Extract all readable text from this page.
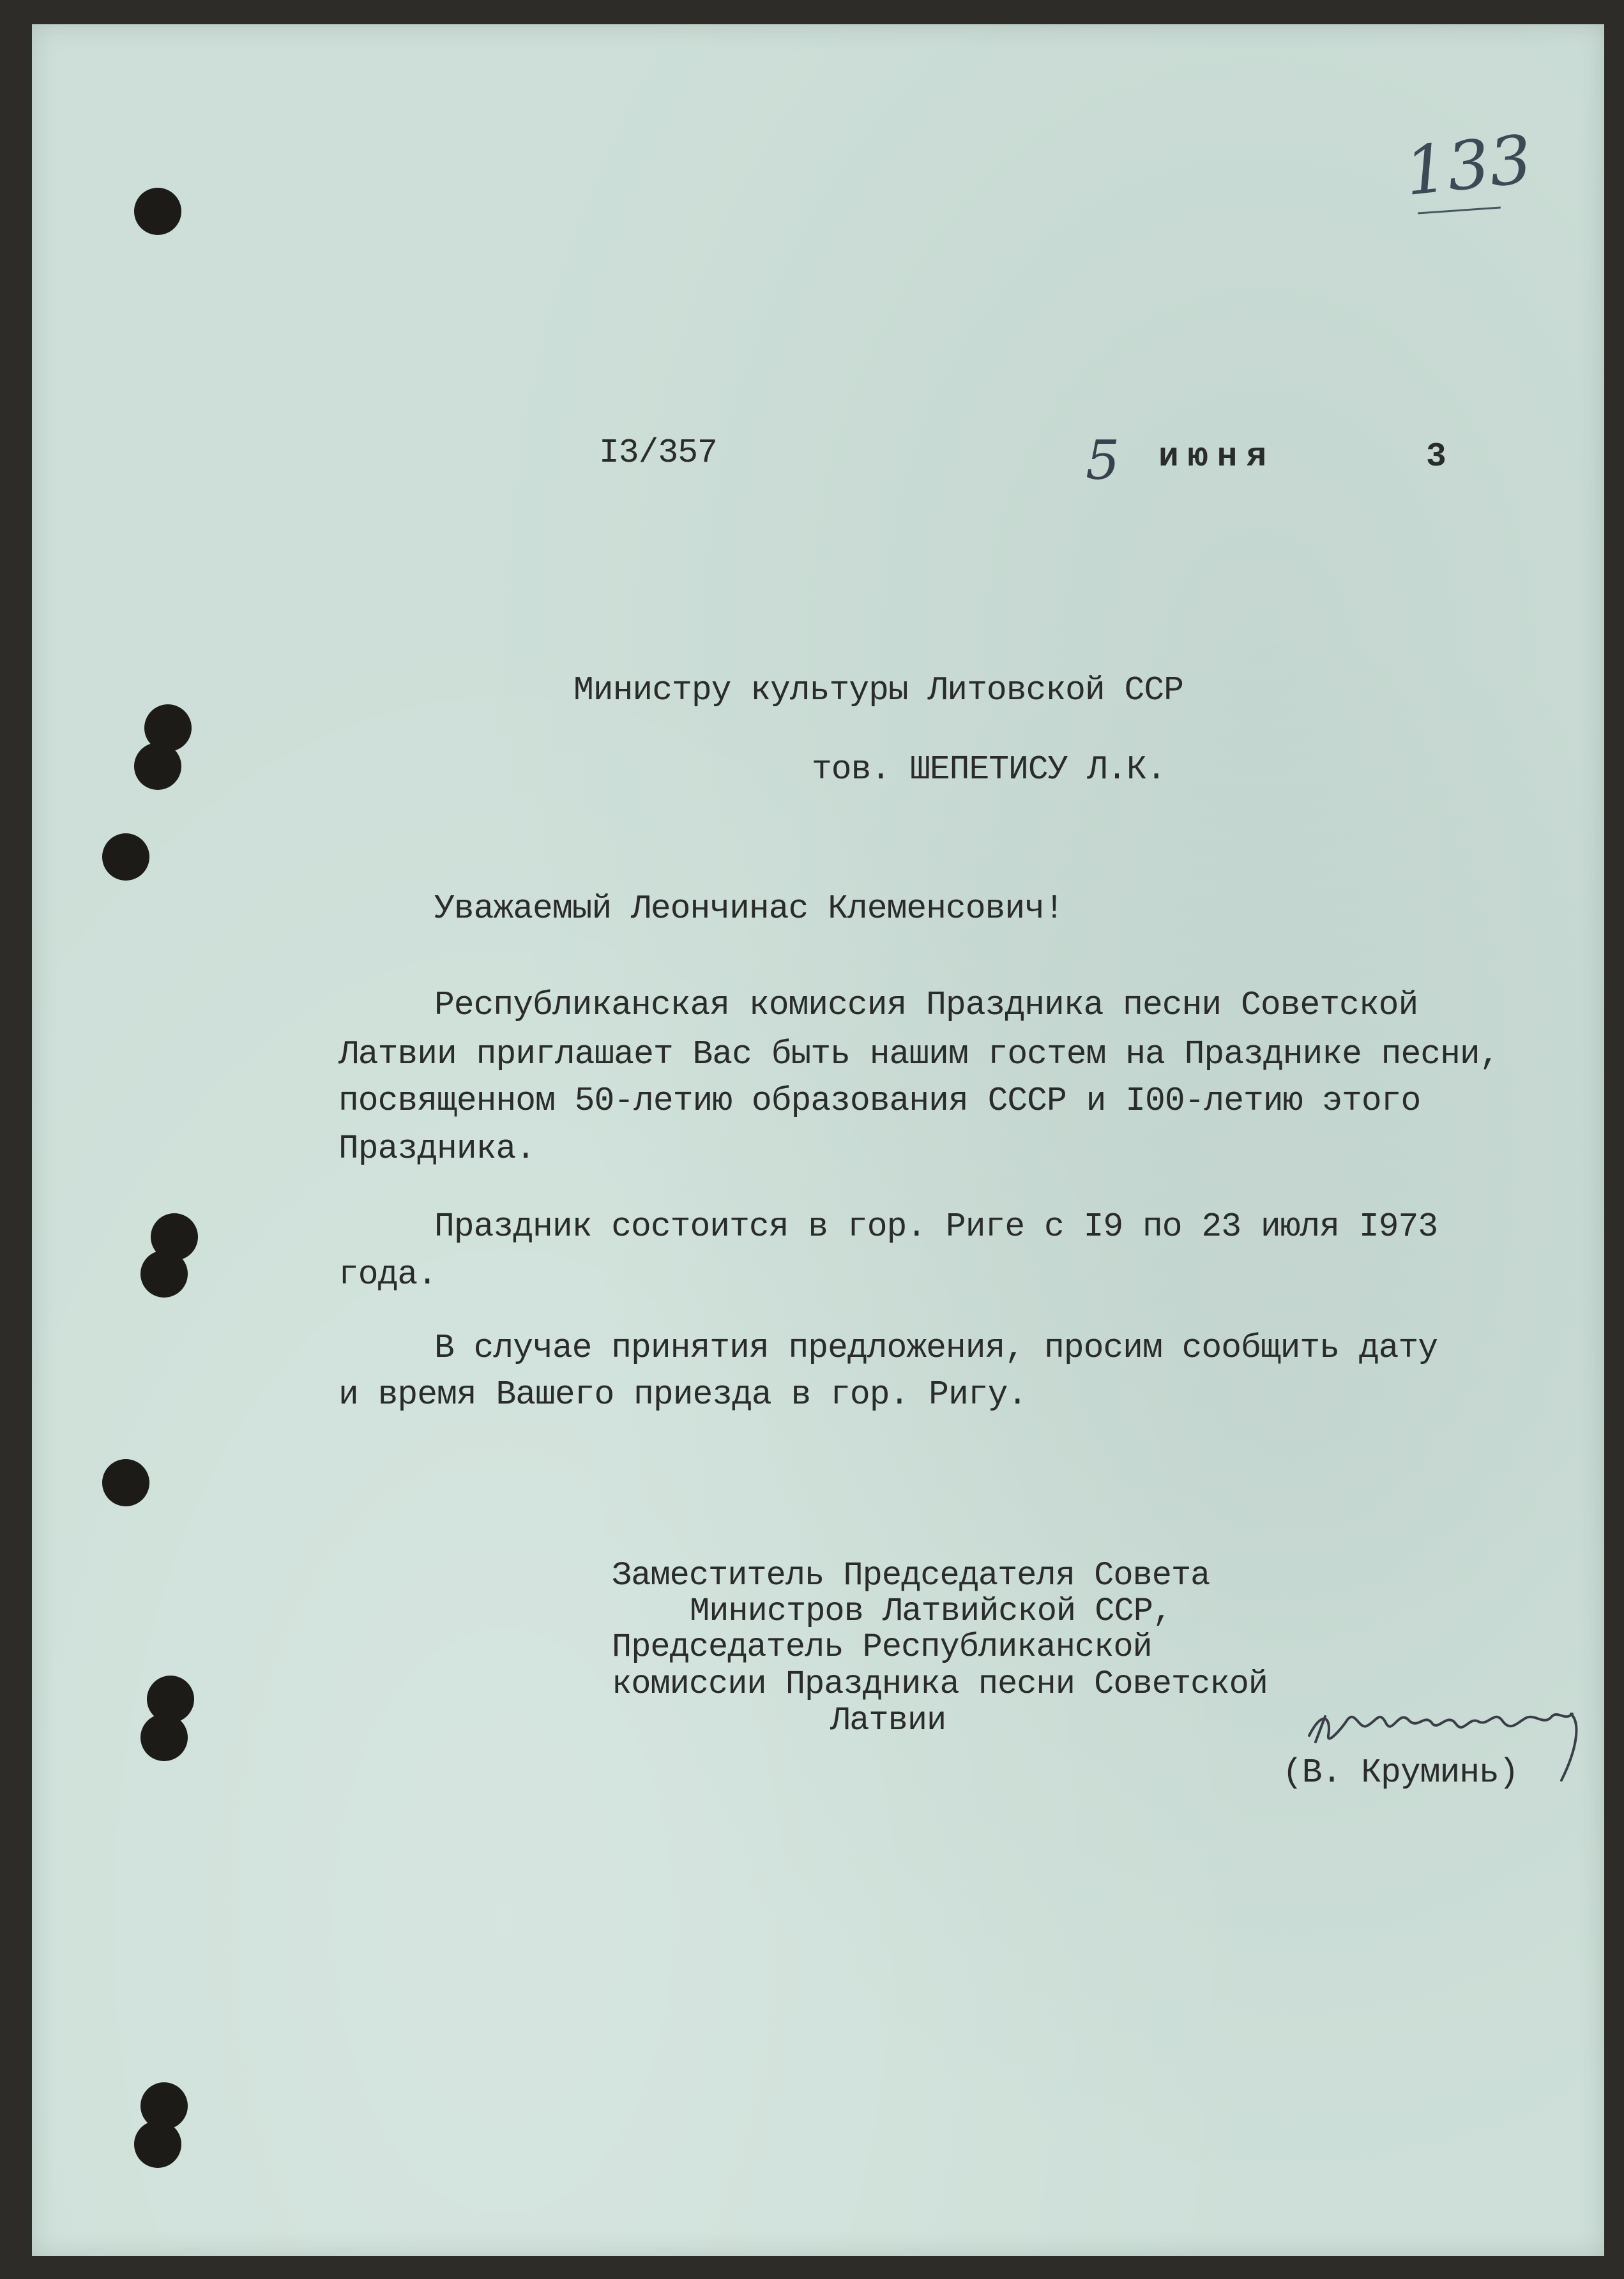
133

I3/357	5 июня	3

Министру культуры Литовской ССР

тов. ШЕПЕТИСУ Л.К.

Уважаемый Леончинас Клеменсович!

Республиканская комиссия Праздника песни Советской

Латвии приглашает Вас быть нашим гостем на Празднике песни,

посвященном 50-летию образования СССР и I00-летию этого

Праздника.

Праздник состоится в гор. Риге с I9 по 23 июля I973

года.

В случае принятия предложения, просим сообщить дату

и время Вашего приезда в гор. Ригу.

Заместитель Председателя Совета

Министров Латвийской ССР,

Председатель Республиканской

комиссии Праздника песни Советской

Латвии

(В. Круминь)
